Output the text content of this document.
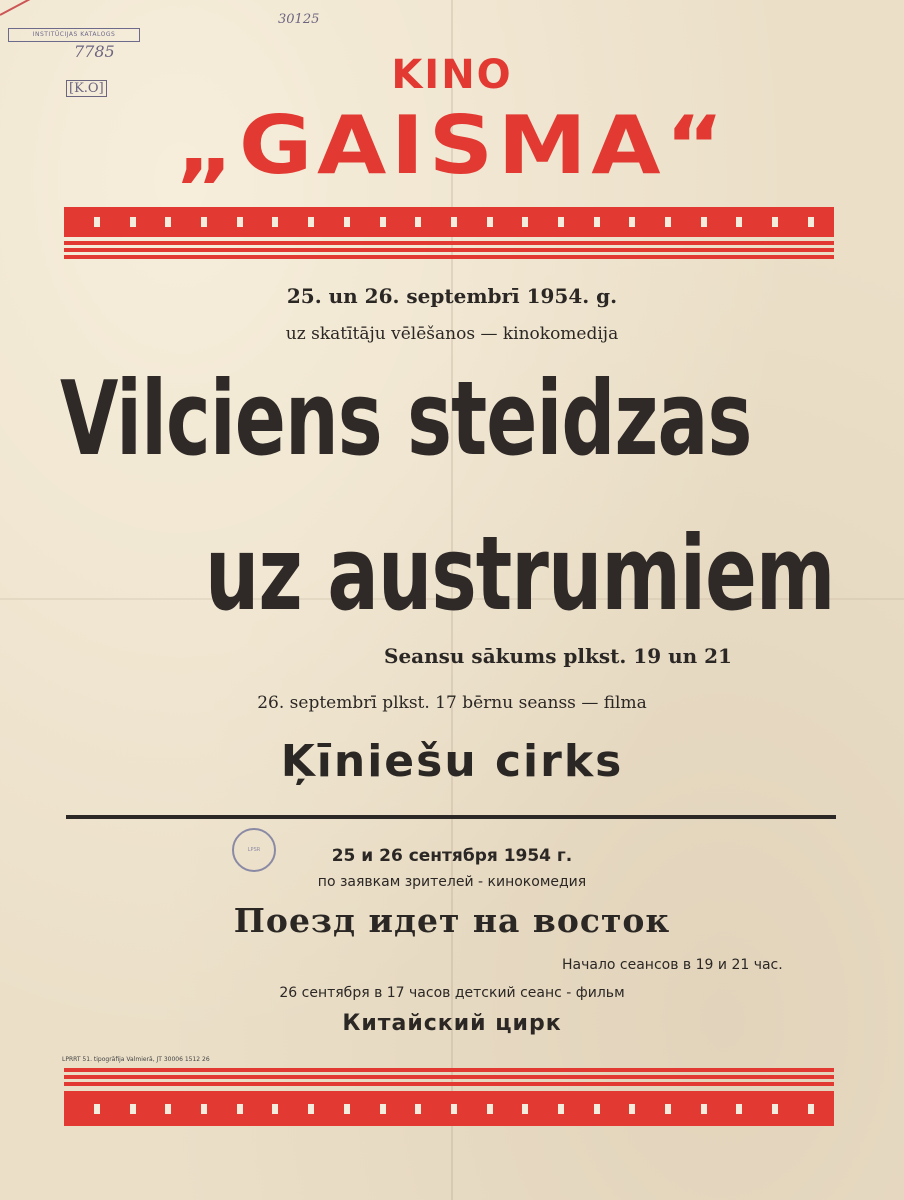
INSTITŪCIJAS KATALOGS
7785
30125
[K.O]	KINO
„GAISMA“
25. un 26. septembrī 1954. g.
uz skatītāju vēlēšanos — kinokomedija
Vilciens steidzas
uz austrumiem
Seansu sākums plkst. 19 un 21
26. septembrī plkst. 17 bērnu seanss — filma
Ķīniešu cirks
LPSR	25 и 26 сентября 1954 г.
по заявкам зрителей - кинокомедия
Поезд идет на восток
Начало сеансов в 19 и 21 час.
26 сентября в 17 часов детский сеанс - фильм
Китайский цирк
LPRRT 51. tipogrāfija Valmierā, JT 30006 1512 26
